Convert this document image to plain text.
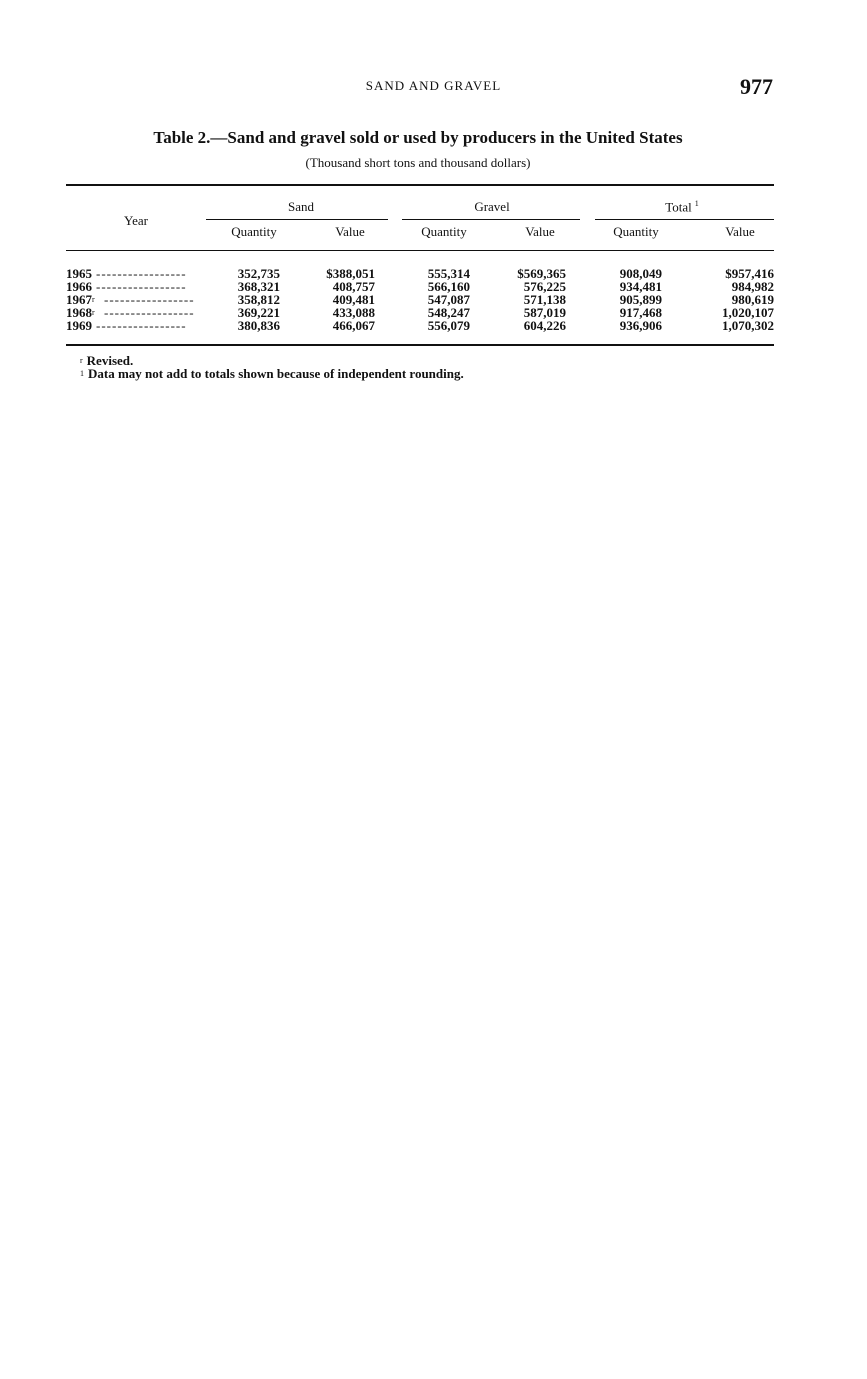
SAND AND GRAVEL	977
Table 2.—Sand and gravel sold or used by producers in the United States
(Thousand short tons and thousand dollars)
Year
Sand	Gravel	Total $^1$
Quantity	Value	Quantity	Value	Quantity	Value
1965 -----------------	352,735	$388,051	555,314	$569,365	908,049	$957,416
1966 -----------------	368,321	408,757	566,160	576,225	934,481	984,982
1967$^r$ -----------------	358,812	409,481	547,087	571,138	905,899	980,619
1968$^r$ -----------------	369,221	433,088	548,247	587,019	917,468	1,020,107
1969 -----------------	380,836	466,067	556,079	604,226	936,906	1,070,302
$^r$ Revised.
$^1$ Data may not add to totals shown because of independent rounding.
